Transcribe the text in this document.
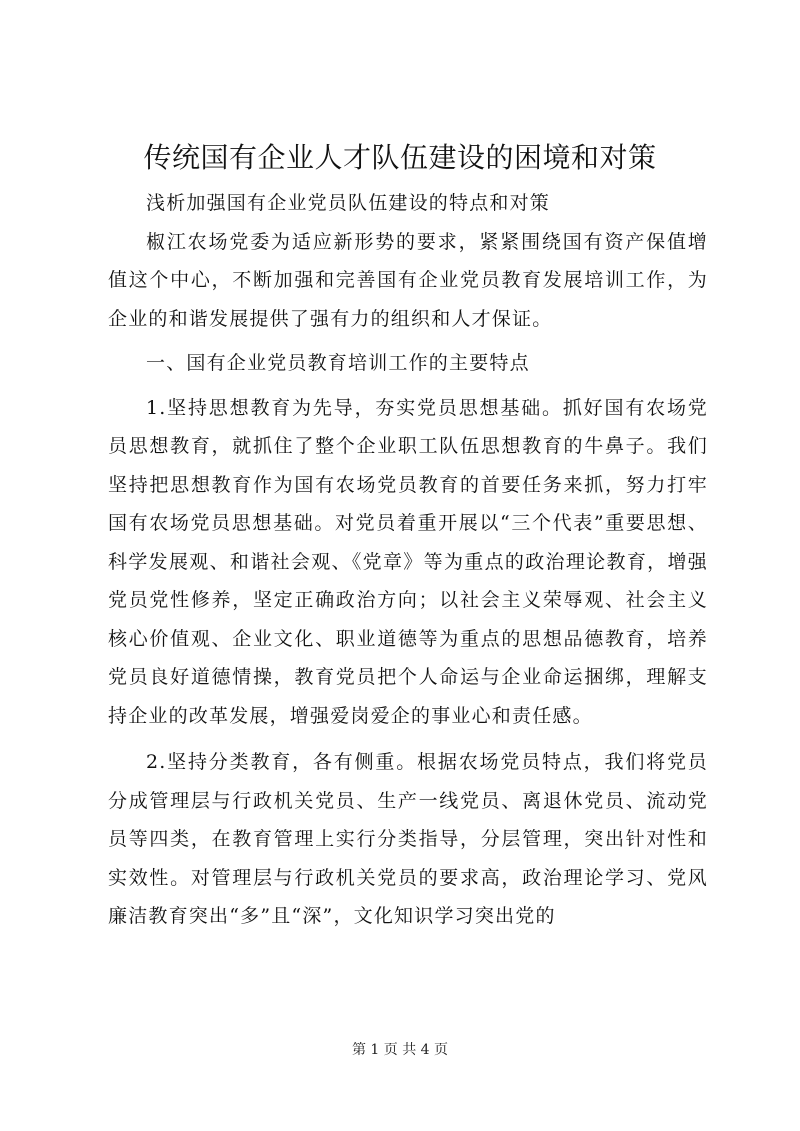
传统国有企业人才队伍建设的困境和对策

浅析加强国有企业党员队伍建设的特点和对策

椒江农场党委为适应新形势的要求，紧紧围绕国有资产保值增值这个中心，不断加强和完善国有企业党员教育发展培训工作，为企业的和谐发展提供了强有力的组织和人才保证。

一、国有企业党员教育培训工作的主要特点

1.坚持思想教育为先导，夯实党员思想基础。抓好国有农场党员思想教育，就抓住了整个企业职工队伍思想教育的牛鼻子。我们坚持把思想教育作为国有农场党员教育的首要任务来抓，努力打牢国有农场党员思想基础。对党员着重开展以“三个代表”重要思想、科学发展观、和谐社会观、《党章》等为重点的政治理论教育，增强党员党性修养，坚定正确政治方向；以社会主义荣辱观、社会主义核心价值观、企业文化、职业道德等为重点的思想品德教育，培养党员良好道德情操，教育党员把个人命运与企业命运捆绑，理解支持企业的改革发展，增强爱岗爱企的事业心和责任感。

2.坚持分类教育，各有侧重。根据农场党员特点，我们将党员分成管理层与行政机关党员、生产一线党员、离退休党员、流动党员等四类，在教育管理上实行分类指导，分层管理，突出针对性和实效性。对管理层与行政机关党员的要求高，政治理论学习、党风廉洁教育突出“多”且“深”，文化知识学习突出党的

第 1 页 共 4 页
